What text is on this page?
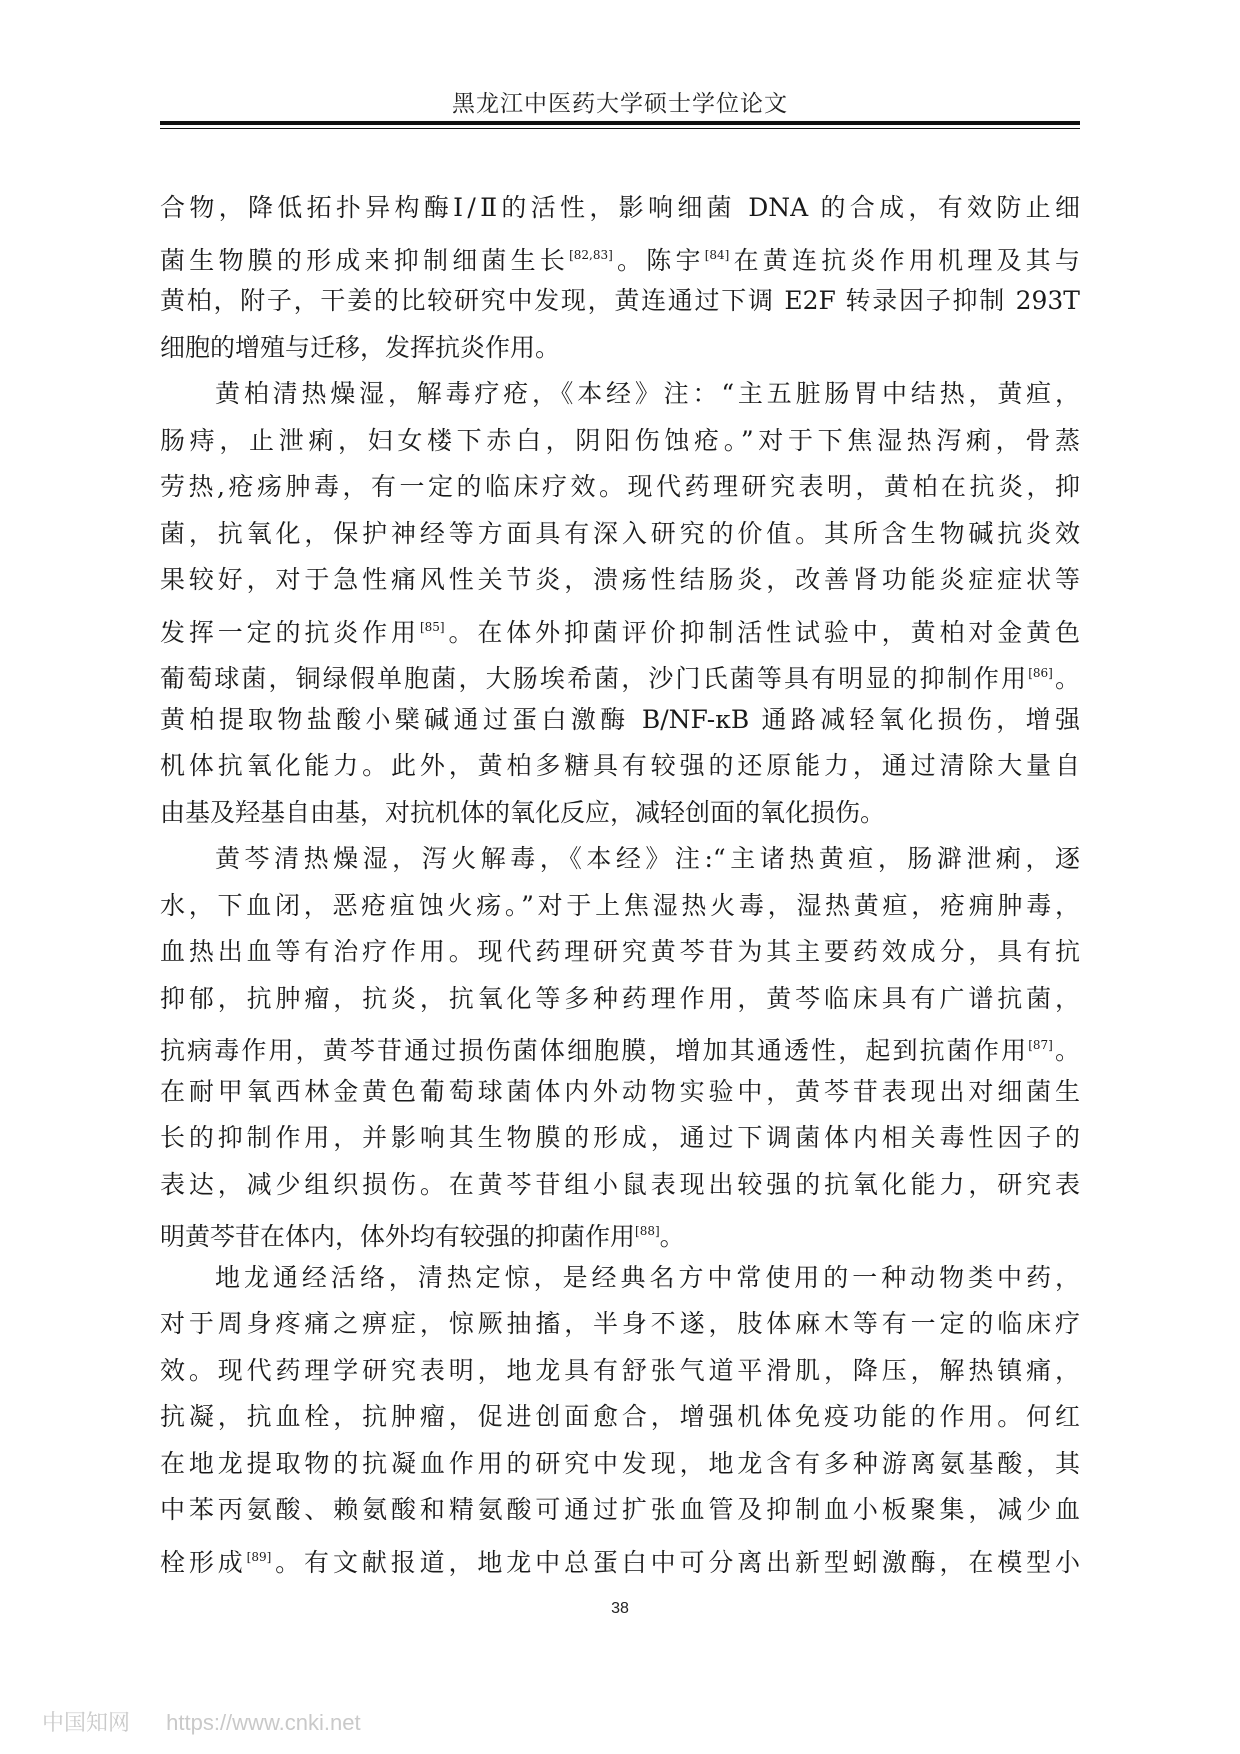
黑龙江中医药大学硕士学位论文
合物，降低拓扑异构酶Ⅰ/Ⅱ的活性，影响细菌 DNA 的合成，有效防止细
菌生物膜的形成来抑制细菌生长[82,83]。陈宇[84]在黄连抗炎作用机理及其与
黄柏，附子，干姜的比较研究中发现，黄连通过下调 E2F 转录因子抑制 293T
细胞的增殖与迁移，发挥抗炎作用。
黄柏清热燥湿，解毒疗疮，《本经》注：“主五脏肠胃中结热，黄疸，
肠痔，止泄痢，妇女楼下赤白，阴阳伤蚀疮。”对于下焦湿热泻痢，骨蒸
劳热,疮疡肿毒，有一定的临床疗效。现代药理研究表明，黄柏在抗炎，抑
菌，抗氧化，保护神经等方面具有深入研究的价值。其所含生物碱抗炎效
果较好，对于急性痛风性关节炎，溃疡性结肠炎，改善肾功能炎症症状等
发挥一定的抗炎作用[85]。在体外抑菌评价抑制活性试验中，黄柏对金黄色
葡萄球菌，铜绿假单胞菌，大肠埃希菌，沙门氏菌等具有明显的抑制作用[86]。
黄柏提取物盐酸小檗碱通过蛋白激酶 B/NF-κB 通路减轻氧化损伤，增强
机体抗氧化能力。此外，黄柏多糖具有较强的还原能力，通过清除大量自
由基及羟基自由基，对抗机体的氧化反应，减轻创面的氧化损伤。
黄芩清热燥湿，泻火解毒，《本经》注:“主诸热黄疸，肠澼泄痢，逐
水，下血闭，恶疮疽蚀火疡。”对于上焦湿热火毒，湿热黄疸，疮痈肿毒，
血热出血等有治疗作用。现代药理研究黄芩苷为其主要药效成分，具有抗
抑郁，抗肿瘤，抗炎，抗氧化等多种药理作用，黄芩临床具有广谱抗菌，
抗病毒作用，黄芩苷通过损伤菌体细胞膜，增加其通透性，起到抗菌作用[87]。
在耐甲氧西林金黄色葡萄球菌体内外动物实验中，黄芩苷表现出对细菌生
长的抑制作用，并影响其生物膜的形成，通过下调菌体内相关毒性因子的
表达，减少组织损伤。在黄芩苷组小鼠表现出较强的抗氧化能力，研究表
明黄芩苷在体内，体外均有较强的抑菌作用[88]。
地龙通经活络，清热定惊，是经典名方中常使用的一种动物类中药，
对于周身疼痛之痹症，惊厥抽搐，半身不遂，肢体麻木等有一定的临床疗
效。现代药理学研究表明，地龙具有舒张气道平滑肌，降压，解热镇痛，
抗凝，抗血栓，抗肿瘤，促进创面愈合，增强机体免疫功能的作用。何红
在地龙提取物的抗凝血作用的研究中发现，地龙含有多种游离氨基酸，其
中苯丙氨酸、赖氨酸和精氨酸可通过扩张血管及抑制血小板聚集，减少血
栓形成[89]。有文献报道，地龙中总蛋白中可分离出新型蚓激酶，在模型小
38
中国知网 https://www.cnki.net
